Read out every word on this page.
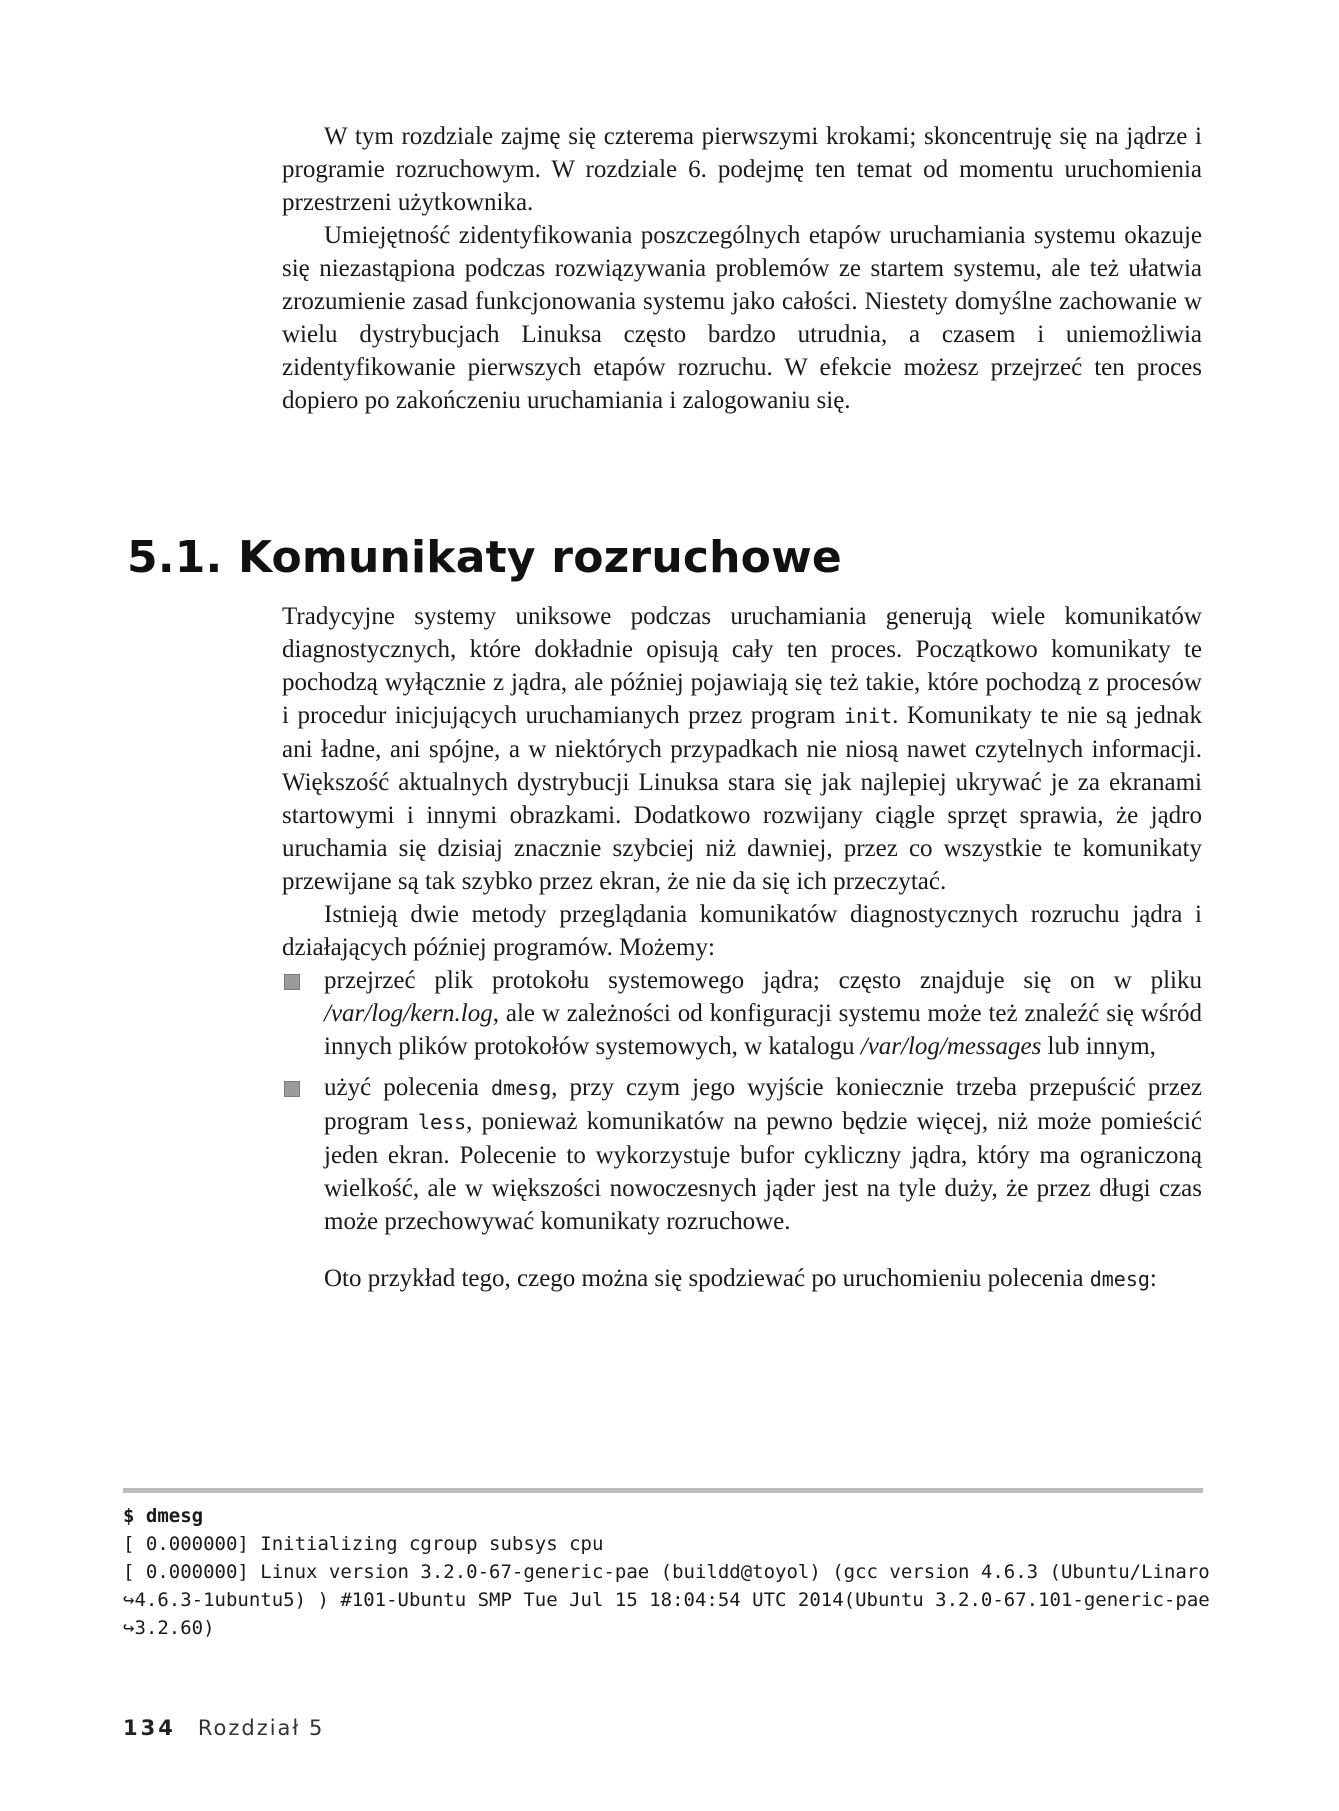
W tym rozdziale zajmę się czterema pierwszymi krokami; skoncentruję się na jądrze i programie rozruchowym. W rozdziale 6. podejmę ten temat od momentu uruchomienia przestrzeni użytkownika.

Umiejętność zidentyfikowania poszczególnych etapów uruchamiania systemu okazuje się niezastąpiona podczas rozwiązywania problemów ze startem systemu, ale też ułatwia zrozumienie zasad funkcjonowania systemu jako całości. Niestety domyślne zachowanie w wielu dystrybucjach Linuksa często bardzo utrudnia, a czasem i uniemożliwia zidentyfikowanie pierwszych etapów rozruchu. W efekcie możesz przejrzeć ten proces dopiero po zakończeniu uruchamiania i zalogowaniu się.

5.1. Komunikaty rozruchowe

Tradycyjne systemy uniksowe podczas uruchamiania generują wiele komunikatów diagnostycznych, które dokładnie opisują cały ten proces. Początkowo komunikaty te pochodzą wyłącznie z jądra, ale później pojawiają się też takie, które pochodzą z procesów i procedur inicjujących uruchamianych przez program init. Komunikaty te nie są jednak ani ładne, ani spójne, a w niektórych przypadkach nie niosą nawet czytelnych informacji. Większość aktualnych dystrybucji Linuksa stara się jak najlepiej ukrywać je za ekranami startowymi i innymi obrazkami. Dodatkowo rozwijany ciągle sprzęt sprawia, że jądro uruchamia się dzisiaj znacznie szybciej niż dawniej, przez co wszystkie te komunikaty przewijane są tak szybko przez ekran, że nie da się ich przeczytać.

Istnieją dwie metody przeglądania komunikatów diagnostycznych rozruchu jądra i działających później programów. Możemy:

przejrzeć plik protokołu systemowego jądra; często znajduje się on w pliku /var/log/kern.log, ale w zależności od konfiguracji systemu może też znaleźć się wśród innych plików protokołów systemowych, w katalogu /var/log/messages lub innym,
użyć polecenia dmesg, przy czym jego wyjście koniecznie trzeba przepuścić przez program less, ponieważ komunikatów na pewno będzie więcej, niż może pomieścić jeden ekran. Polecenie to wykorzystuje bufor cykliczny jądra, który ma ograniczoną wielkość, ale w większości nowoczesnych jąder jest na tyle duży, że przez długi czas może przechowywać komunikaty rozruchowe.

Oto przykład tego, czego można się spodziewać po uruchomieniu polecenia dmesg:

$ dmesg
[ 0.000000] Initializing cgroup subsys cpu
[ 0.000000] Linux version 3.2.0-67-generic-pae (buildd@toyol) (gcc version 4.6.3 (Ubuntu/Linaro
↪4.6.3-1ubuntu5) ) #101-Ubuntu SMP Tue Jul 15 18:04:54 UTC 2014(Ubuntu 3.2.0-67.101-generic-pae
↪3.2.60)
134 Rozdział 5
